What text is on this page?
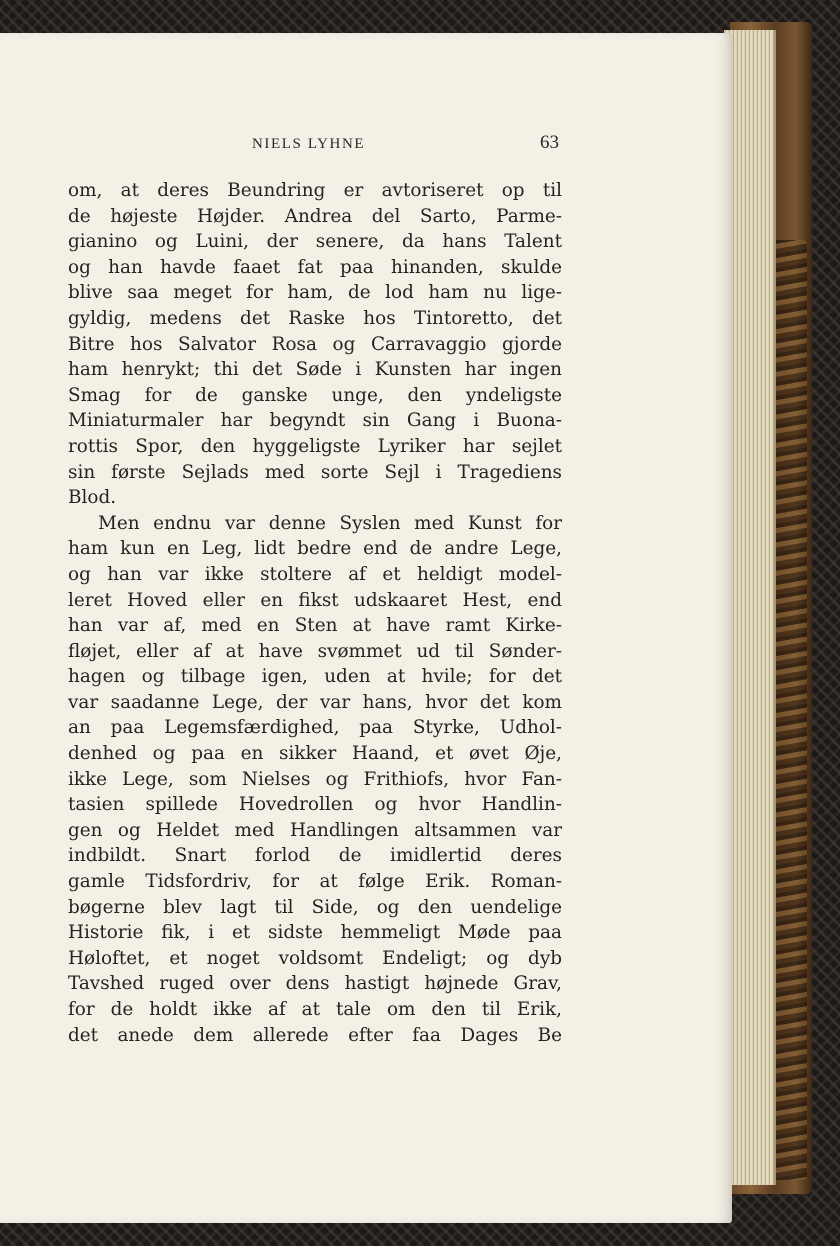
NIELS LYHNE	63
om, at deres Beundring er avtoriseret op til
de højeste Højder. Andrea del Sarto, Parme-
gianino og Luini, der senere, da hans Talent
og han havde faaet fat paa hinanden, skulde
blive saa meget for ham, de lod ham nu lige-
gyldig, medens det Raske hos Tintoretto, det
Bitre hos Salvator Rosa og Carravaggio gjorde
ham henrykt; thi det Søde i Kunsten har ingen
Smag for de ganske unge, den yndeligste
Miniaturmaler har begyndt sin Gang i Buona-
rottis Spor, den hyggeligste Lyriker har sejlet
sin første Sejlads med sorte Sejl i Tragediens
Blod.
Men endnu var denne Syslen med Kunst for
ham kun en Leg, lidt bedre end de andre Lege,
og han var ikke stoltere af et heldigt model-
leret Hoved eller en fikst udskaaret Hest, end
han var af, med en Sten at have ramt Kirke-
fløjet, eller af at have svømmet ud til Sønder-
hagen og tilbage igen, uden at hvile; for det
var saadanne Lege, der var hans, hvor det kom
an paa Legemsfærdighed, paa Styrke, Udhol-
denhed og paa en sikker Haand, et øvet Øje,
ikke Lege, som Nielses og Frithiofs, hvor Fan-
tasien spillede Hovedrollen og hvor Handlin-
gen og Heldet med Handlingen altsammen var
indbildt. Snart forlod de imidlertid deres
gamle Tidsfordriv, for at følge Erik. Roman-
bøgerne blev lagt til Side, og den uendelige
Historie fik, i et sidste hemmeligt Møde paa
Høloftet, et noget voldsomt Endeligt; og dyb
Tavshed ruged over dens hastigt højnede Grav,
for de holdt ikke af at tale om den til Erik,
det anede dem allerede efter faa Dages Be
